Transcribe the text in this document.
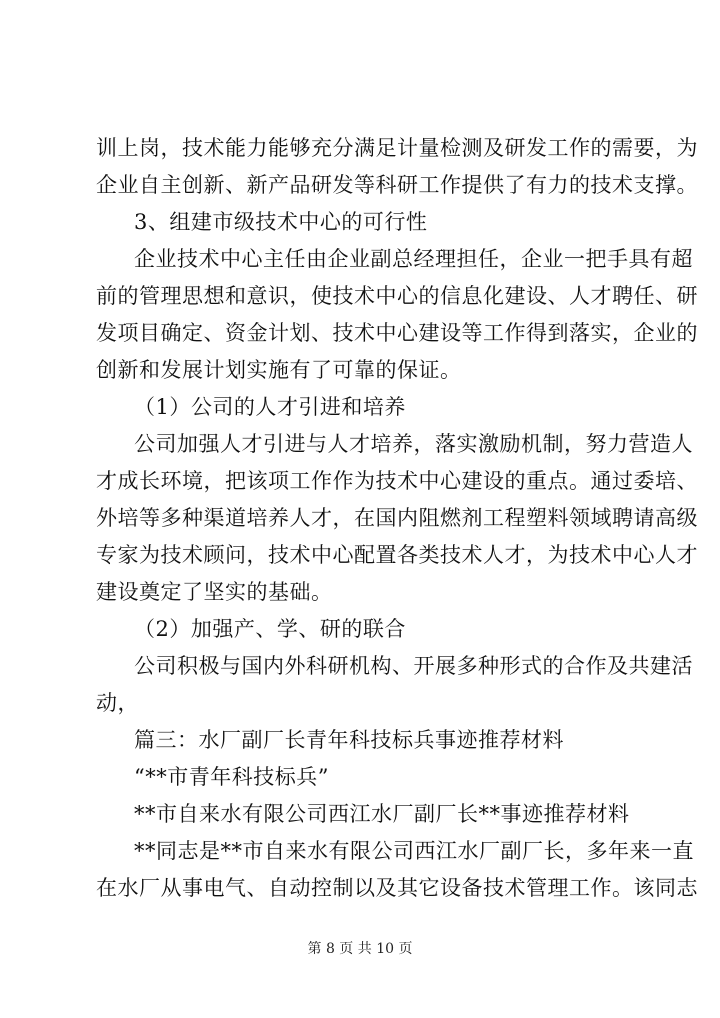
训上岗，技术能力能够充分满足计量检测及研发工作的需要，为
企业自主创新、新产品研发等科研工作提供了有力的技术支撑。
3、组建市级技术中心的可行性
企业技术中心主任由企业副总经理担任，企业一把手具有超
前的管理思想和意识，使技术中心的信息化建设、人才聘任、研
发项目确定、资金计划、技术中心建设等工作得到落实，企业的
创新和发展计划实施有了可靠的保证。
（1）公司的人才引进和培养
公司加强人才引进与人才培养，落实激励机制，努力营造人
才成长环境，把该项工作作为技术中心建设的重点。通过委培、
外培等多种渠道培养人才，在国内阻燃剂工程塑料领域聘请高级
专家为技术顾问，技术中心配置各类技术人才，为技术中心人才
建设奠定了坚实的基础。
（2）加强产、学、研的联合
公司积极与国内外科研机构、开展多种形式的合作及共建活
动，
篇三：水厂副厂长青年科技标兵事迹推荐材料
“**市青年科技标兵”
**市自来水有限公司西江水厂副厂长**事迹推荐材料
**同志是**市自来水有限公司西江水厂副厂长，多年来一直
在水厂从事电气、自动控制以及其它设备技术管理工作。该同志
第 8 页 共 10 页
